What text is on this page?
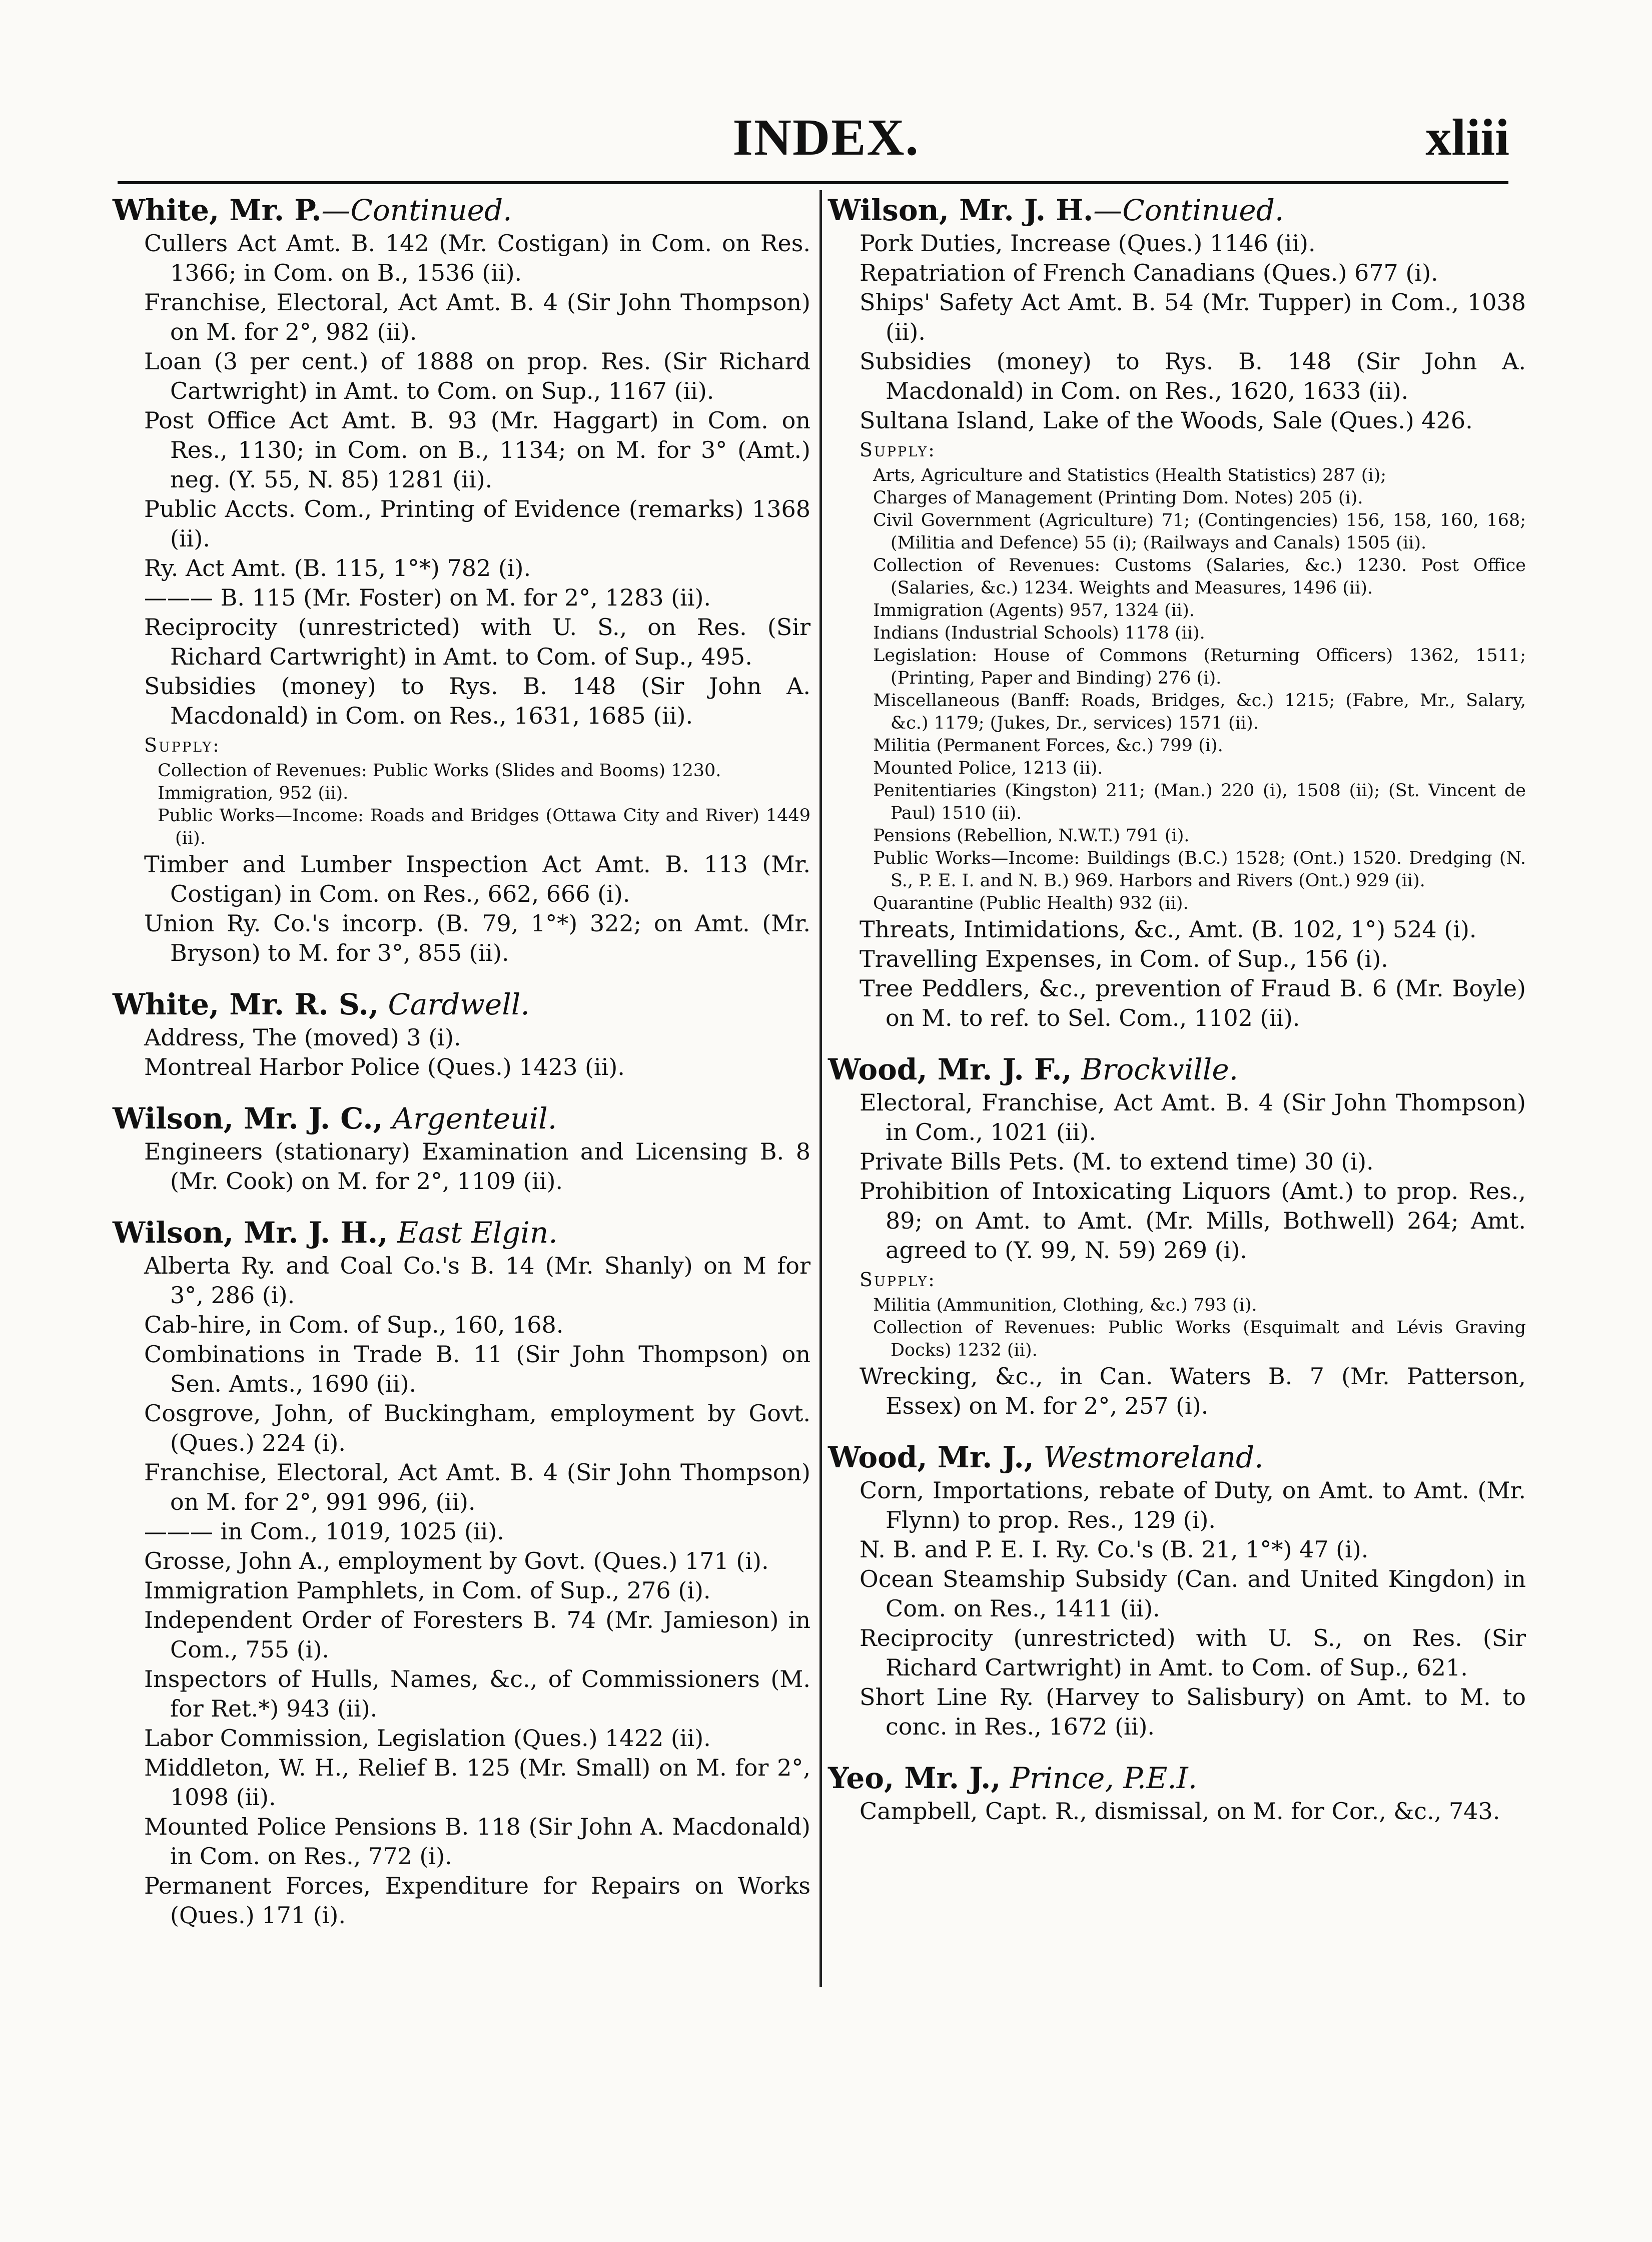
INDEX.	xliii
White, Mr. P.—Continued.
Cullers Act Amt. B. 142 (Mr. Costigan) in Com. on Res. 1366; in Com. on B., 1536 (ii).
Franchise, Electoral, Act Amt. B. 4 (Sir John Thompson) on M. for 2°, 982 (ii).
Loan (3 per cent.) of 1888 on prop. Res. (Sir Richard Cartwright) in Amt. to Com. on Sup., 1167 (ii).
Post Office Act Amt. B. 93 (Mr. Haggart) in Com. on Res., 1130; in Com. on B., 1134; on M. for 3° (Amt.) neg. (Y. 55, N. 85) 1281 (ii).
Public Accts. Com., Printing of Evidence (remarks) 1368 (ii).
Ry. Act Amt. (B. 115, 1°*) 782 (i).
——— B. 115 (Mr. Foster) on M. for 2°, 1283 (ii).
Reciprocity (unrestricted) with U. S., on Res. (Sir Richard Cartwright) in Amt. to Com. of Sup., 495.
Subsidies (money) to Rys. B. 148 (Sir John A. Macdonald) in Com. on Res., 1631, 1685 (ii).
Supply:
Collection of Revenues: Public Works (Slides and Booms) 1230.
Immigration, 952 (ii).
Public Works—Income: Roads and Bridges (Ottawa City and River) 1449 (ii).
Timber and Lumber Inspection Act Amt. B. 113 (Mr. Costigan) in Com. on Res., 662, 666 (i).
Union Ry. Co.'s incorp. (B. 79, 1°*) 322; on Amt. (Mr. Bryson) to M. for 3°, 855 (ii).
White, Mr. R. S., Cardwell.
Address, The (moved) 3 (i).
Montreal Harbor Police (Ques.) 1423 (ii).
Wilson, Mr. J. C., Argenteuil.
Engineers (stationary) Examination and Licensing B. 8 (Mr. Cook) on M. for 2°, 1109 (ii).
Wilson, Mr. J. H., East Elgin.
Alberta Ry. and Coal Co.'s B. 14 (Mr. Shanly) on M for 3°, 286 (i).
Cab-hire, in Com. of Sup., 160, 168.
Combinations in Trade B. 11 (Sir John Thompson) on Sen. Amts., 1690 (ii).
Cosgrove, John, of Buckingham, employment by Govt. (Ques.) 224 (i).
Franchise, Electoral, Act Amt. B. 4 (Sir John Thompson) on M. for 2°, 991 996, (ii).
——— in Com., 1019, 1025 (ii).
Grosse, John A., employment by Govt. (Ques.) 171 (i).
Immigration Pamphlets, in Com. of Sup., 276 (i).
Independent Order of Foresters B. 74 (Mr. Jamieson) in Com., 755 (i).
Inspectors of Hulls, Names, &c., of Commissioners (M. for Ret.*) 943 (ii).
Labor Commission, Legislation (Ques.) 1422 (ii).
Middleton, W. H., Relief B. 125 (Mr. Small) on M. for 2°, 1098 (ii).
Mounted Police Pensions B. 118 (Sir John A. Macdonald) in Com. on Res., 772 (i).
Permanent Forces, Expenditure for Repairs on Works (Ques.) 171 (i).
Wilson, Mr. J. H.—Continued.
Pork Duties, Increase (Ques.) 1146 (ii).
Repatriation of French Canadians (Ques.) 677 (i).
Ships' Safety Act Amt. B. 54 (Mr. Tupper) in Com., 1038 (ii).
Subsidies (money) to Rys. B. 148 (Sir John A. Macdonald) in Com. on Res., 1620, 1633 (ii).
Sultana Island, Lake of the Woods, Sale (Ques.) 426.
Supply:
Arts, Agriculture and Statistics (Health Statistics) 287 (i);
Charges of Management (Printing Dom. Notes) 205 (i).
Civil Government (Agriculture) 71; (Contingencies) 156, 158, 160, 168; (Militia and Defence) 55 (i); (Railways and Canals) 1505 (ii).
Collection of Revenues: Customs (Salaries, &c.) 1230. Post Office (Salaries, &c.) 1234. Weights and Measures, 1496 (ii).
Immigration (Agents) 957, 1324 (ii).
Indians (Industrial Schools) 1178 (ii).
Legislation: House of Commons (Returning Officers) 1362, 1511; (Printing, Paper and Binding) 276 (i).
Miscellaneous (Banff: Roads, Bridges, &c.) 1215; (Fabre, Mr., Salary, &c.) 1179; (Jukes, Dr., services) 1571 (ii).
Militia (Permanent Forces, &c.) 799 (i).
Mounted Police, 1213 (ii).
Penitentiaries (Kingston) 211; (Man.) 220 (i), 1508 (ii); (St. Vincent de Paul) 1510 (ii).
Pensions (Rebellion, N.W.T.) 791 (i).
Public Works—Income: Buildings (B.C.) 1528; (Ont.) 1520. Dredging (N. S., P. E. I. and N. B.) 969. Harbors and Rivers (Ont.) 929 (ii).
Quarantine (Public Health) 932 (ii).
Threats, Intimidations, &c., Amt. (B. 102, 1°) 524 (i).
Travelling Expenses, in Com. of Sup., 156 (i).
Tree Peddlers, &c., prevention of Fraud B. 6 (Mr. Boyle) on M. to ref. to Sel. Com., 1102 (ii).
Wood, Mr. J. F., Brockville.
Electoral, Franchise, Act Amt. B. 4 (Sir John Thompson) in Com., 1021 (ii).
Private Bills Pets. (M. to extend time) 30 (i).
Prohibition of Intoxicating Liquors (Amt.) to prop. Res., 89; on Amt. to Amt. (Mr. Mills, Bothwell) 264; Amt. agreed to (Y. 99, N. 59) 269 (i).
Supply:
Militia (Ammunition, Clothing, &c.) 793 (i).
Collection of Revenues: Public Works (Esquimalt and Lévis Graving Docks) 1232 (ii).
Wrecking, &c., in Can. Waters B. 7 (Mr. Patterson, Essex) on M. for 2°, 257 (i).
Wood, Mr. J., Westmoreland.
Corn, Importations, rebate of Duty, on Amt. to Amt. (Mr. Flynn) to prop. Res., 129 (i).
N. B. and P. E. I. Ry. Co.'s (B. 21, 1°*) 47 (i).
Ocean Steamship Subsidy (Can. and United Kingdon) in Com. on Res., 1411 (ii).
Reciprocity (unrestricted) with U. S., on Res. (Sir Richard Cartwright) in Amt. to Com. of Sup., 621.
Short Line Ry. (Harvey to Salisbury) on Amt. to M. to conc. in Res., 1672 (ii).
Yeo, Mr. J., Prince, P.E.I.
Campbell, Capt. R., dismissal, on M. for Cor., &c., 743.
